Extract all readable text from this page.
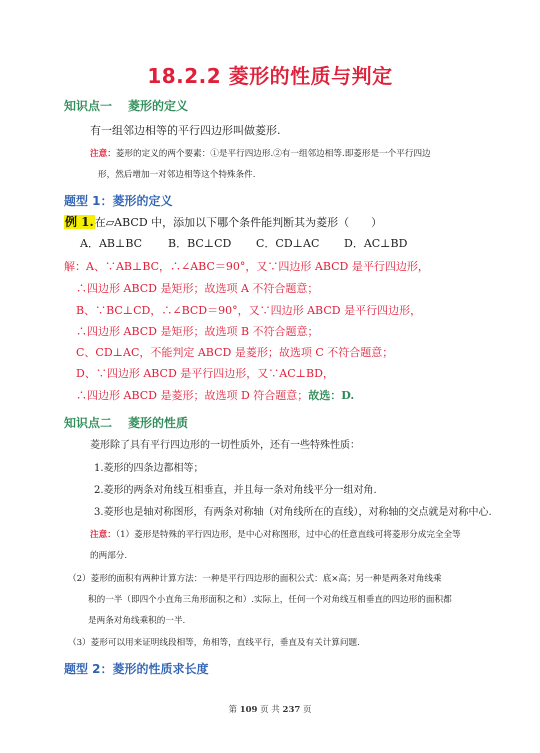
18.2.2 菱形的性质与判定
知识点一 菱形的定义
有一组邻边相等的平行四边形叫做菱形.
注意：菱形的定义的两个要素：①是平行四边形.②有一组邻边相等.即菱形是一个平行四边
形，然后增加一对邻边相等这个特殊条件.
题型 1：菱形的定义
例 1.在▱ABCD 中，添加以下哪个条件能判断其为菱形（　　）
A．AB⊥BC B．BC⊥CD C．CD⊥AC D．AC⊥BD
解：A、∵AB⊥BC，∴∠ABC＝90°，又∵四边形 ABCD 是平行四边形，
∴四边形 ABCD 是矩形；故选项 A 不符合题意；
B、∵BC⊥CD，∴∠BCD＝90°，又∵四边形 ABCD 是平行四边形，
∴四边形 ABCD 是矩形；故选项 B 不符合题意；
C、CD⊥AC，不能判定 ABCD 是菱形；故选项 C 不符合题意；
D、∵四边形 ABCD 是平行四边形，又∵AC⊥BD，
∴四边形 ABCD 是菱形；故选项 D 符合题意；故选：D.
知识点二 菱形的性质
菱形除了具有平行四边形的一切性质外，还有一些特殊性质：
1.菱形的四条边都相等；
2.菱形的两条对角线互相垂直，并且每一条对角线平分一组对角.
3.菱形也是轴对称图形，有两条对称轴（对角线所在的直线），对称轴的交点就是对称中心.
注意：（1）菱形是特殊的平行四边形，是中心对称图形，过中心的任意直线可将菱形分成完全全等
的两部分.
（2）菱形的面积有两种计算方法：一种是平行四边形的面积公式：底×高；另一种是两条对角线乘
积的一半（即四个小直角三角形面积之和）.实际上，任何一个对角线互相垂直的四边形的面积都
是两条对角线乘积的一半.
（3）菱形可以用来证明线段相等，角相等，直线平行，垂直及有关计算问题.
题型 2：菱形的性质求长度
第 109 页 共 237 页
